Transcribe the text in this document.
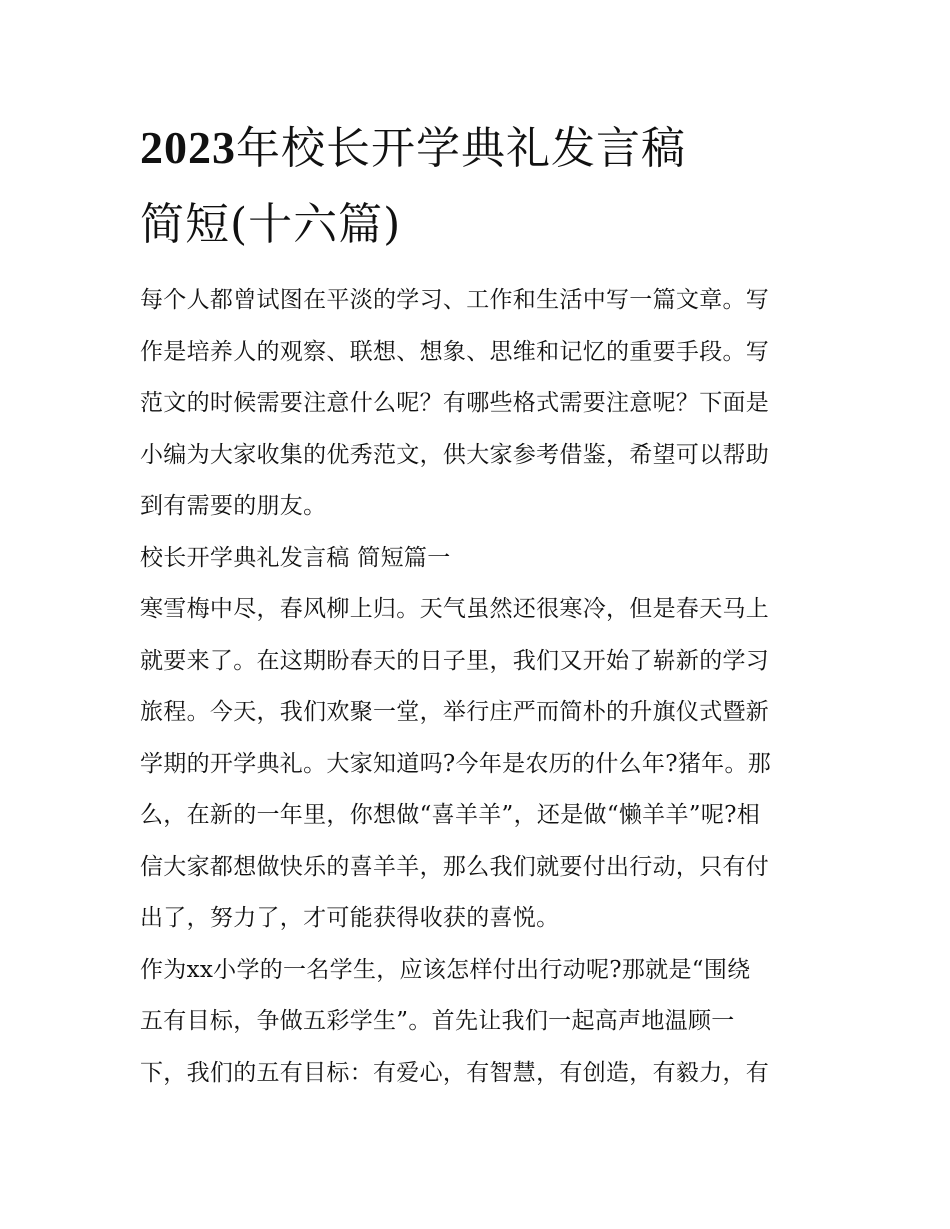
2023年校长开学典礼发言稿
简短(十六篇)

每个人都曾试图在平淡的学习、工作和生活中写一篇文章。写
作是培养人的观察、联想、想象、思维和记忆的重要手段。写
范文的时候需要注意什么呢？有哪些格式需要注意呢？下面是
小编为大家收集的优秀范文，供大家参考借鉴，希望可以帮助
到有需要的朋友。

校长开学典礼发言稿 简短篇一

寒雪梅中尽，春风柳上归。天气虽然还很寒冷，但是春天马上
就要来了。在这期盼春天的日子里，我们又开始了崭新的学习
旅程。今天，我们欢聚一堂，举行庄严而简朴的升旗仪式暨新
学期的开学典礼。大家知道吗?今年是农历的什么年?猪年。那
么，在新的一年里，你想做“喜羊羊”，还是做“懒羊羊”呢?相
信大家都想做快乐的喜羊羊，那么我们就要付出行动，只有付
出了，努力了，才可能获得收获的喜悦。

作为xx小学的一名学生，应该怎样付出行动呢?那就是“围绕
五有目标，争做五彩学生”。首先让我们一起高声地温顾一
下，我们的五有目标：有爱心，有智慧，有创造，有毅力，有
